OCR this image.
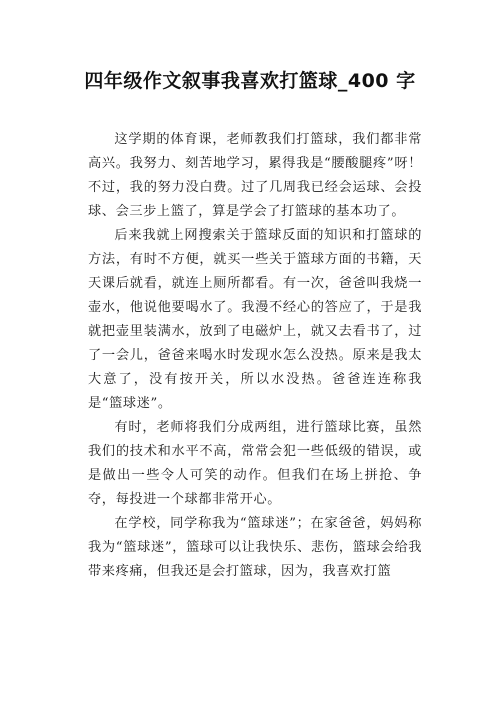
四年级作文叙事我喜欢打篮球_400 字

这学期的体育课，老师教我们打篮球，我们都非常高兴。我努力、刻苦地学习，累得我是“腰酸腿疼”呀！不过，我的努力没白费。过了几周我已经会运球、会投球、会三步上篮了，算是学会了打篮球的基本功了。

后来我就上网搜索关于篮球反面的知识和打篮球的方法，有时不方便，就买一些关于篮球方面的书籍，天天课后就看，就连上厕所都看。有一次，爸爸叫我烧一壶水，他说他要喝水了。我漫不经心的答应了，于是我就把壶里装满水，放到了电磁炉上，就又去看书了，过了一会儿，爸爸来喝水时发现水怎么没热。原来是我太大意了，没有按开关，所以水没热。爸爸连连称我是“篮球迷”。

有时，老师将我们分成两组，进行篮球比赛，虽然我们的技术和水平不高，常常会犯一些低级的错误，或是做出一些令人可笑的动作。但我们在场上拼抢、争夺，每投进一个球都非常开心。

在学校，同学称我为“篮球迷”；在家爸爸，妈妈称我为“篮球迷”，篮球可以让我快乐、悲伤，篮球会给我带来疼痛，但我还是会打篮球，因为，我喜欢打篮
